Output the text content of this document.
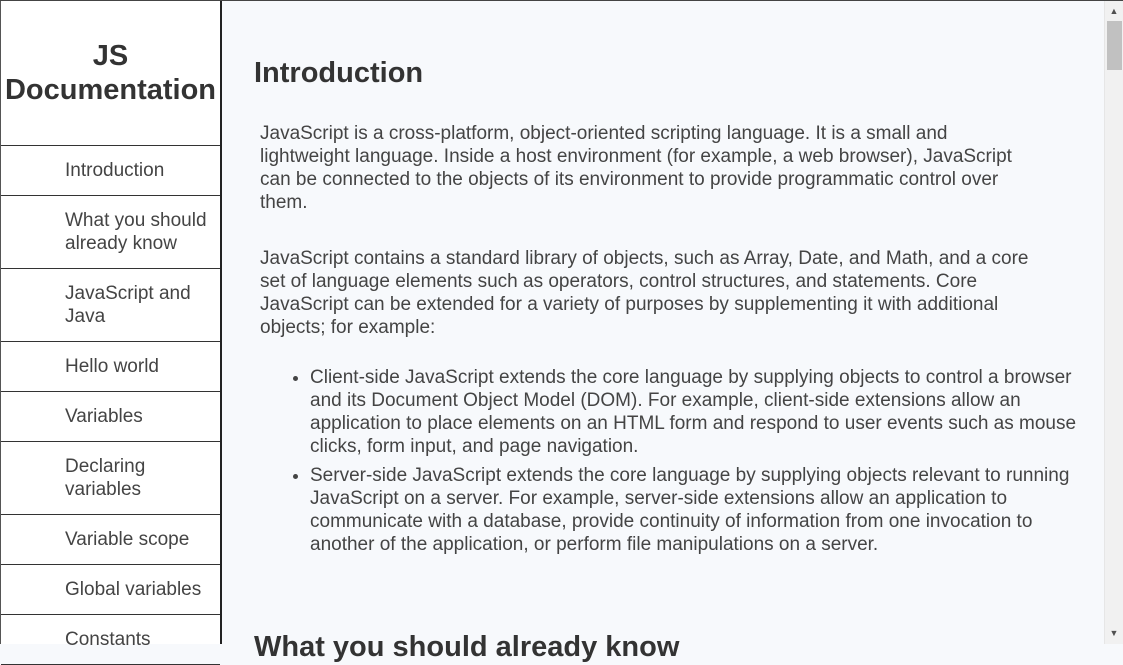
JS Documentation
Introduction
What you should already know
JavaScript and Java
Hello world
Variables
Declaring variables
Variable scope
Global variables
Constants
Introduction

JavaScript is a cross-platform, object-oriented scripting language. It is a small and lightweight language. Inside a host environment (for example, a web browser), JavaScript can be connected to the objects of its environment to provide programmatic control over them.

JavaScript contains a standard library of objects, such as Array, Date, and Math, and a core set of language elements such as operators, control structures, and statements. Core JavaScript can be extended for a variety of purposes by supplementing it with additional objects; for example:

• Client-side JavaScript extends the core language by supplying objects to control a browser and its Document Object Model (DOM). For example, client-side extensions allow an application to place elements on an HTML form and respond to user events such as mouse clicks, form input, and page navigation.
• Server-side JavaScript extends the core language by supplying objects relevant to running JavaScript on a server. For example, server-side extensions allow an application to communicate with a database, provide continuity of information from one invocation to another of the application, or perform file manipulations on a server.
What you should already know
▲
▼
